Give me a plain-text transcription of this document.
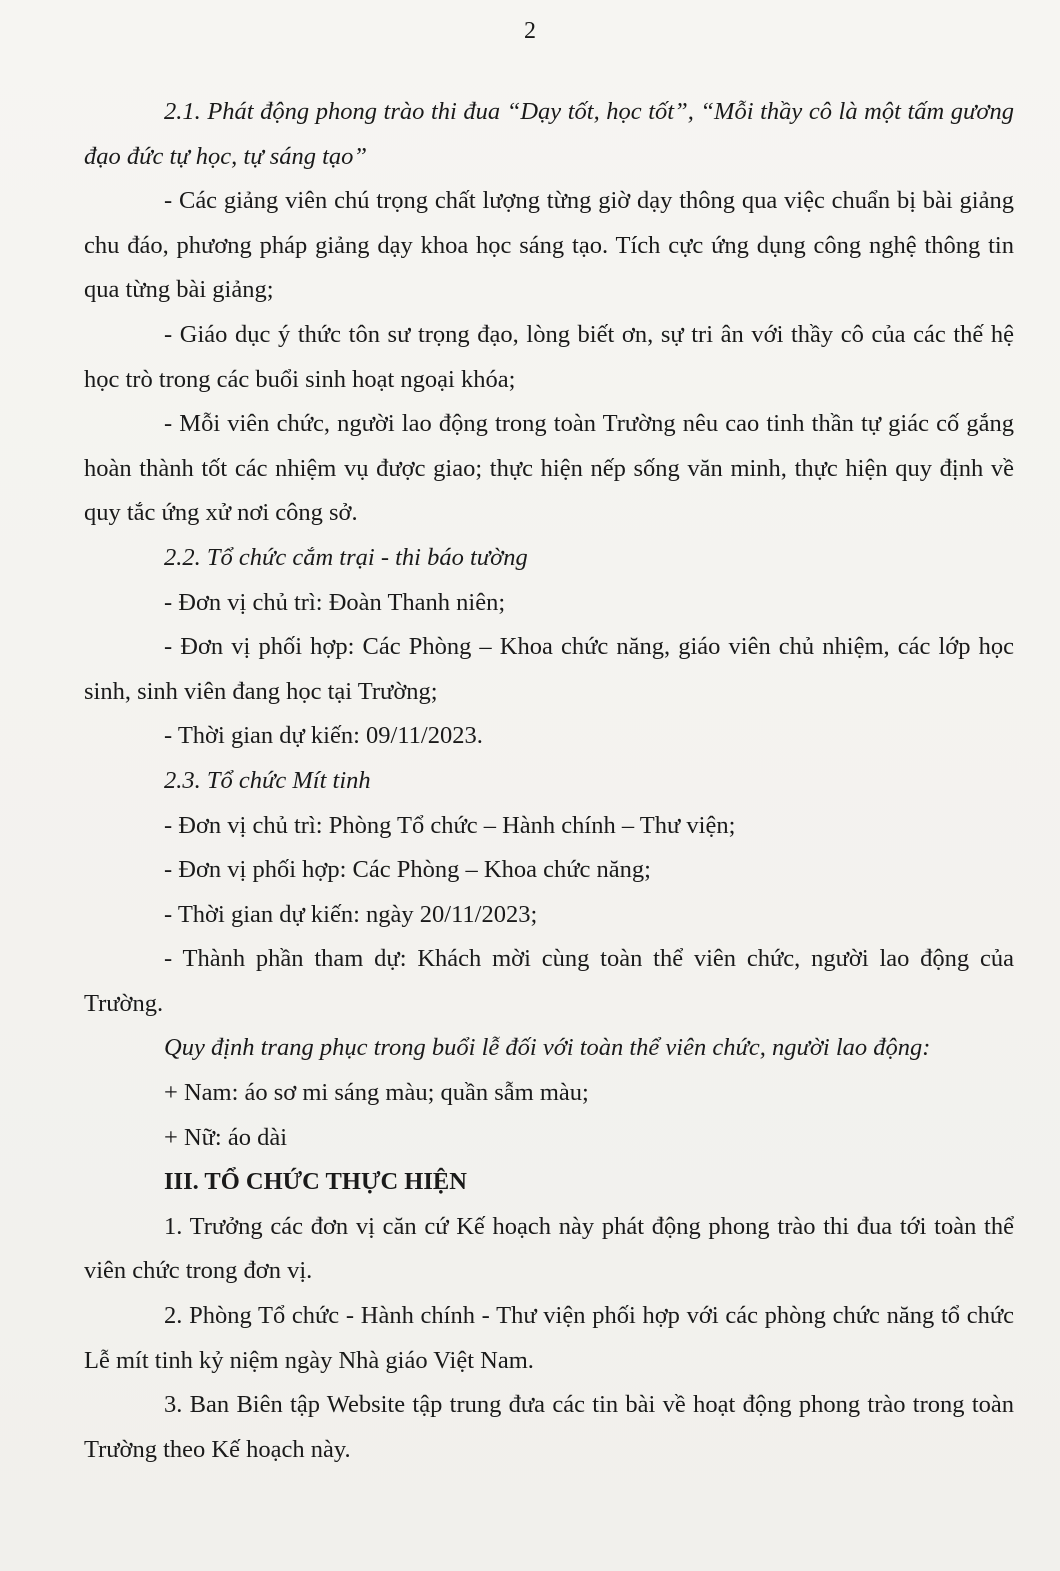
2

2.1. Phát động phong trào thi đua “Dạy tốt, học tốt”, “Mỗi thầy cô là một tấm gương đạo đức tự học, tự sáng tạo”

- Các giảng viên chú trọng chất lượng từng giờ dạy thông qua việc chuẩn bị bài giảng chu đáo, phương pháp giảng dạy khoa học sáng tạo. Tích cực ứng dụng công nghệ thông tin qua từng bài giảng;

- Giáo dục ý thức tôn sư trọng đạo, lòng biết ơn, sự tri ân với thầy cô của các thế hệ học trò trong các buổi sinh hoạt ngoại khóa;

- Mỗi viên chức, người lao động trong toàn Trường nêu cao tinh thần tự giác cố gắng hoàn thành tốt các nhiệm vụ được giao; thực hiện nếp sống văn minh, thực hiện quy định về quy tắc ứng xử nơi công sở.

2.2. Tổ chức cắm trại - thi báo tường

- Đơn vị chủ trì: Đoàn Thanh niên;

- Đơn vị phối hợp: Các Phòng – Khoa chức năng, giáo viên chủ nhiệm, các lớp học sinh, sinh viên đang học tại Trường;

- Thời gian dự kiến: 09/11/2023.

2.3. Tổ chức Mít tinh

- Đơn vị chủ trì: Phòng Tổ chức – Hành chính – Thư viện;

- Đơn vị phối hợp: Các Phòng – Khoa chức năng;

- Thời gian dự kiến: ngày 20/11/2023;

- Thành phần tham dự: Khách mời cùng toàn thể viên chức, người lao động của Trường.

Quy định trang phục trong buổi lễ đối với toàn thể viên chức, người lao động:

+ Nam: áo sơ mi sáng màu; quần sẫm màu;

+ Nữ: áo dài

III. TỔ CHỨC THỰC HIỆN

1. Trưởng các đơn vị căn cứ Kế hoạch này phát động phong trào thi đua tới toàn thể viên chức trong đơn vị.

2. Phòng Tổ chức - Hành chính - Thư viện phối hợp với các phòng chức năng tổ chức Lễ mít tinh kỷ niệm ngày Nhà giáo Việt Nam.

3. Ban Biên tập Website tập trung đưa các tin bài về hoạt động phong trào trong toàn Trường theo Kế hoạch này.
